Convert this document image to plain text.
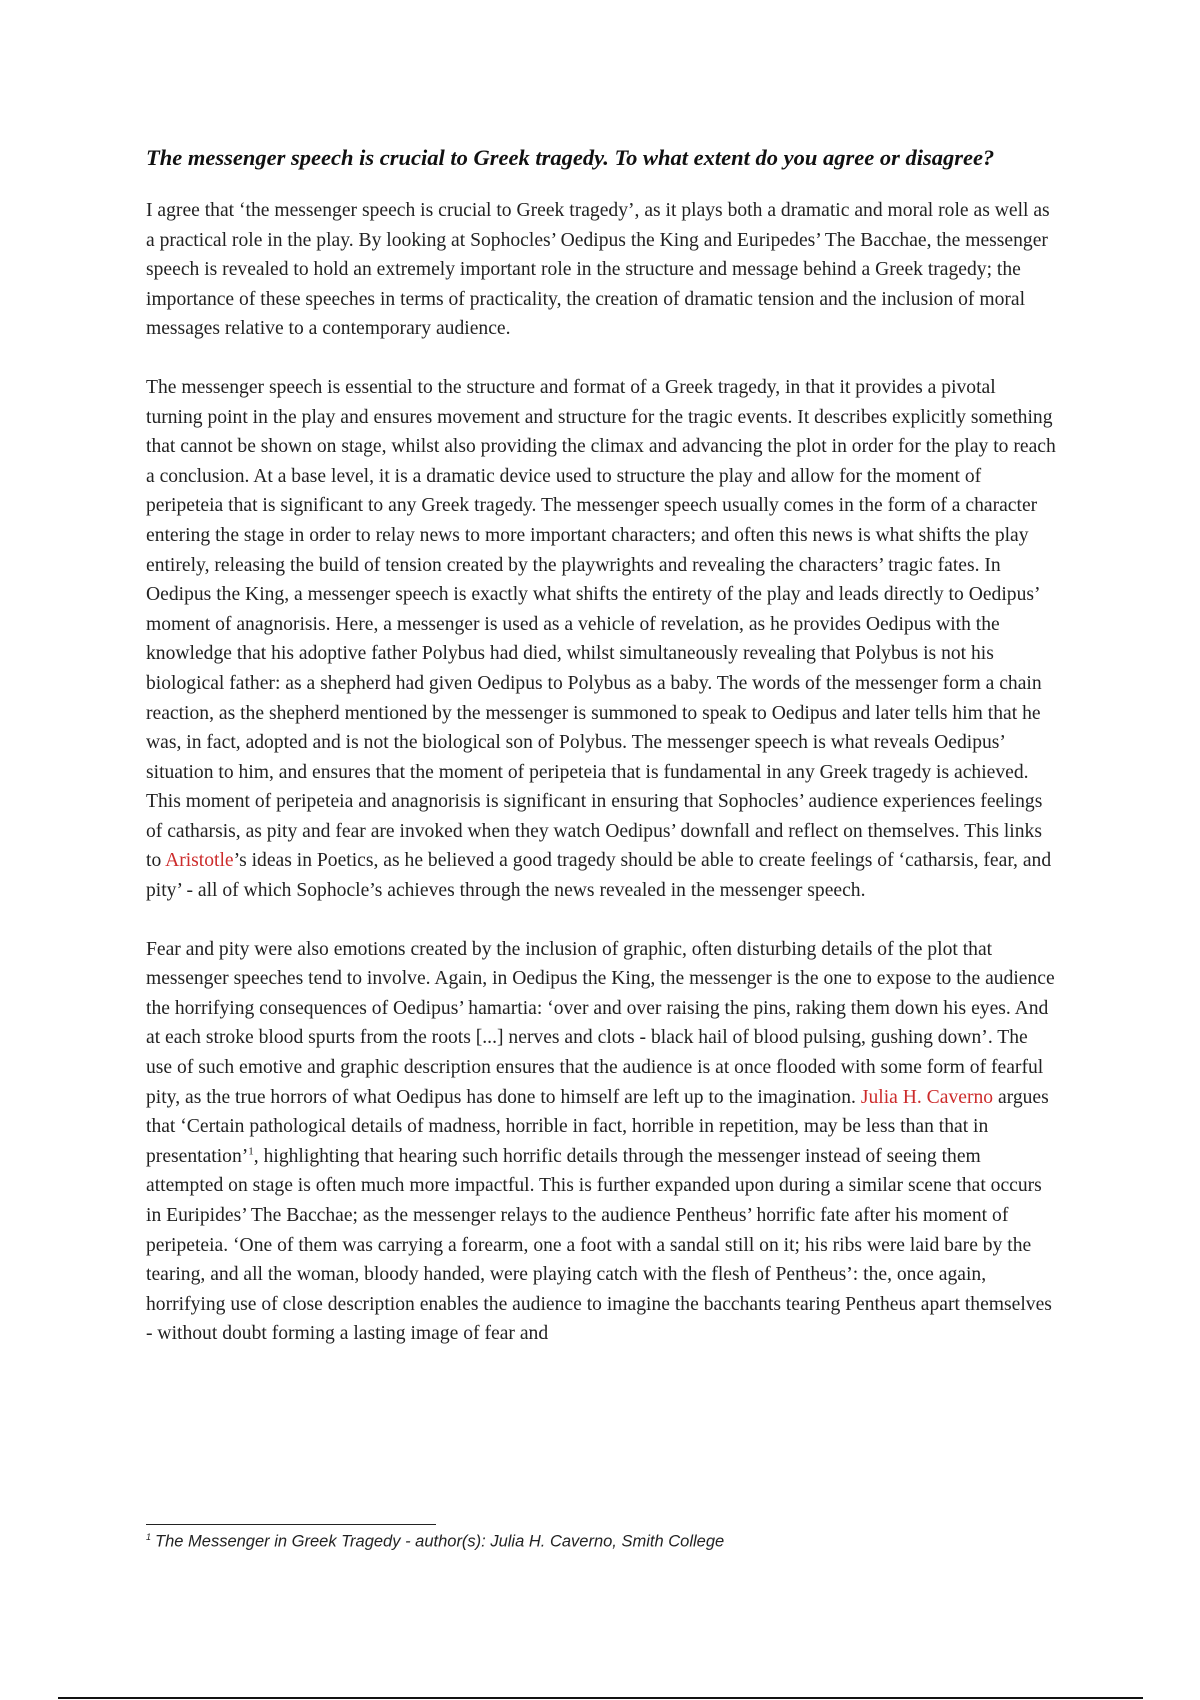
The messenger speech is crucial to Greek tragedy. To what extent do you agree or disagree?

I agree that ‘the messenger speech is crucial to Greek tragedy’, as it plays both a dramatic and moral role as well as a practical role in the play. By looking at Sophocles’ Oedipus the King and Euripedes’ The Bacchae, the messenger speech is revealed to hold an extremely important role in the structure and message behind a Greek tragedy; the importance of these speeches in terms of practicality, the creation of dramatic tension and the inclusion of moral messages relative to a contemporary audience.

The messenger speech is essential to the structure and format of a Greek tragedy, in that it provides a pivotal turning point in the play and ensures movement and structure for the tragic events. It describes explicitly something that cannot be shown on stage, whilst also providing the climax and advancing the plot in order for the play to reach a conclusion. At a base level, it is a dramatic device used to structure the play and allow for the moment of peripeteia that is significant to any Greek tragedy. The messenger speech usually comes in the form of a character entering the stage in order to relay news to more important characters; and often this news is what shifts the play entirely, releasing the build of tension created by the playwrights and revealing the characters’ tragic fates. In Oedipus the King, a messenger speech is exactly what shifts the entirety of the play and leads directly to Oedipus’ moment of anagnorisis. Here, a messenger is used as a vehicle of revelation, as he provides Oedipus with the knowledge that his adoptive father Polybus had died, whilst simultaneously revealing that Polybus is not his biological father: as a shepherd had given Oedipus to Polybus as a baby. The words of the messenger form a chain reaction, as the shepherd mentioned by the messenger is summoned to speak to Oedipus and later tells him that he was, in fact, adopted and is not the biological son of Polybus. The messenger speech is what reveals Oedipus’ situation to him, and ensures that the moment of peripeteia that is fundamental in any Greek tragedy is achieved. This moment of peripeteia and anagnorisis is significant in ensuring that Sophocles’ audience experiences feelings of catharsis, as pity and fear are invoked when they watch Oedipus’ downfall and reflect on themselves. This links to Aristotle’s ideas in Poetics, as he believed a good tragedy should be able to create feelings of ‘catharsis, fear, and pity’ - all of which Sophocle’s achieves through the news revealed in the messenger speech.

Fear and pity were also emotions created by the inclusion of graphic, often disturbing details of the plot that messenger speeches tend to involve. Again, in Oedipus the King, the messenger is the one to expose to the audience the horrifying consequences of Oedipus’ hamartia: ‘over and over raising the pins, raking them down his eyes. And at each stroke blood spurts from the roots [...] nerves and clots - black hail of blood pulsing, gushing down’. The use of such emotive and graphic description ensures that the audience is at once flooded with some form of fearful pity, as the true horrors of what Oedipus has done to himself are left up to the imagination. Julia H. Caverno argues that ‘Certain pathological details of madness, horrible in fact, horrible in repetition, may be less than that in presentation’$^1$, highlighting that hearing such horrific details through the messenger instead of seeing them attempted on stage is often much more impactful. This is further expanded upon during a similar scene that occurs in Euripides’ The Bacchae; as the messenger relays to the audience Pentheus’ horrific fate after his moment of peripeteia. ‘One of them was carrying a forearm, one a foot with a sandal still on it; his ribs were laid bare by the tearing, and all the woman, bloody handed, were playing catch with the flesh of Pentheus’: the, once again, horrifying use of close description enables the audience to imagine the bacchants tearing Pentheus apart themselves - without doubt forming a lasting image of fear and

$^1$ The Messenger in Greek Tragedy - author(s): Julia H. Caverno, Smith College
